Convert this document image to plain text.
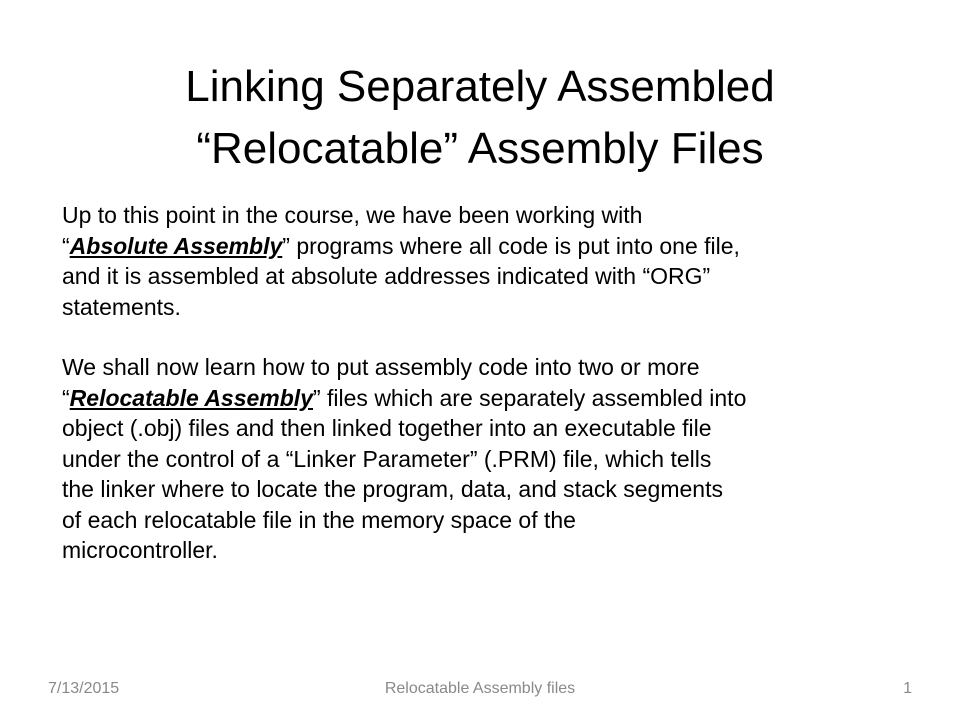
Linking Separately Assembled
“Relocatable” Assembly Files

Up to this point in the course, we have been working with
“Absolute Assembly” programs where all code is put into one file,
and it is assembled at absolute addresses indicated with “ORG”
statements.

We shall now learn how to put assembly code into two or more
“Relocatable Assembly” files which are separately assembled into
object (.obj) files and then linked together into an executable file
under the control of a “Linker Parameter” (.PRM) file, which tells
the linker where to locate the program, data, and stack segments
of each relocatable file in the memory space of the
microcontroller.

7/13/2015	Relocatable Assembly files	1
